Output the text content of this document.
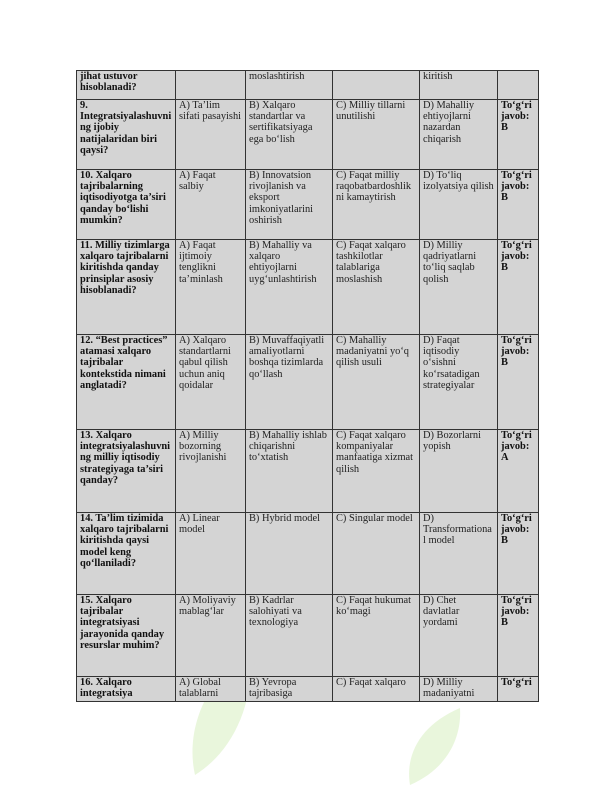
jihat ustuvor hisoblanadi?		moslashtirish		kiritish	
9. Integratsiyalashuvning ijobiy natijalaridan biri qaysi?	A) Ta’lim sifati pasayishi	B) Xalqaro standartlar va sertifikatsiyaga ega bo‘lish	C) Milliy tillarni unutilishi	D) Mahalliy ehtiyojlarni nazardan chiqarish	To‘g‘ri javob: B
10. Xalqaro tajribalarning iqtisodiyotga ta’siri qanday bo‘lishi mumkin?	A) Faqat salbiy	B) Innovatsion rivojlanish va eksport imkoniyatlarini oshirish	C) Faqat milliy raqobatbardoshlikni kamaytirish	D) To‘liq izolyatsiya qilish	To‘g‘ri javob: B
11. Milliy tizimlarga xalqaro tajribalarni kiritishda qanday prinsiplar asosiy hisoblanadi?	A) Faqat ijtimoiy tenglikni ta’minlash	B) Mahalliy va xalqaro ehtiyojlarni uyg‘unlashtirish	C) Faqat xalqaro tashkilotlar talablariga moslashish	D) Milliy qadriyatlarni to‘liq saqlab qolish	To‘g‘ri javob: B
12. “Best practices” atamasi xalqaro tajribalar kontekstida nimani anglatadi?	A) Xalqaro standartlarni qabul qilish uchun aniq qoidalar	B) Muvaffaqiyatli amaliyotlarni boshqa tizimlarda qo‘llash	C) Mahalliy madaniyatni yo‘q qilish usuli	D) Faqat iqtisodiy o‘sishni ko‘rsatadigan strategiyalar	To‘g‘ri javob: B
13. Xalqaro integratsiyalashuvning milliy iqtisodiy strategiyaga ta’siri qanday?	A) Milliy bozorning rivojlanishi	B) Mahalliy ishlab chiqarishni to‘xtatish	C) Faqat xalqaro kompaniyalar manfaatiga xizmat qilish	D) Bozorlarni yopish	To‘g‘ri javob: A
14. Ta’lim tizimida xalqaro tajribalarni kiritishda qaysi model keng qo‘llaniladi?	A) Linear model	B) Hybrid model	C) Singular model	D) Transformational model	To‘g‘ri javob: B
15. Xalqaro tajribalar integratsiyasi jarayonida qanday resurslar muhim?	A) Moliyaviy mablag‘lar	B) Kadrlar salohiyati va texnologiya	C) Faqat hukumat ko‘magi	D) Chet davlatlar yordami	To‘g‘ri javob: B
16. Xalqaro integratsiya	A) Global talablarni	B) Yevropa tajribasiga	C) Faqat xalqaro	D) Milliy madaniyatni	To‘g‘ri
